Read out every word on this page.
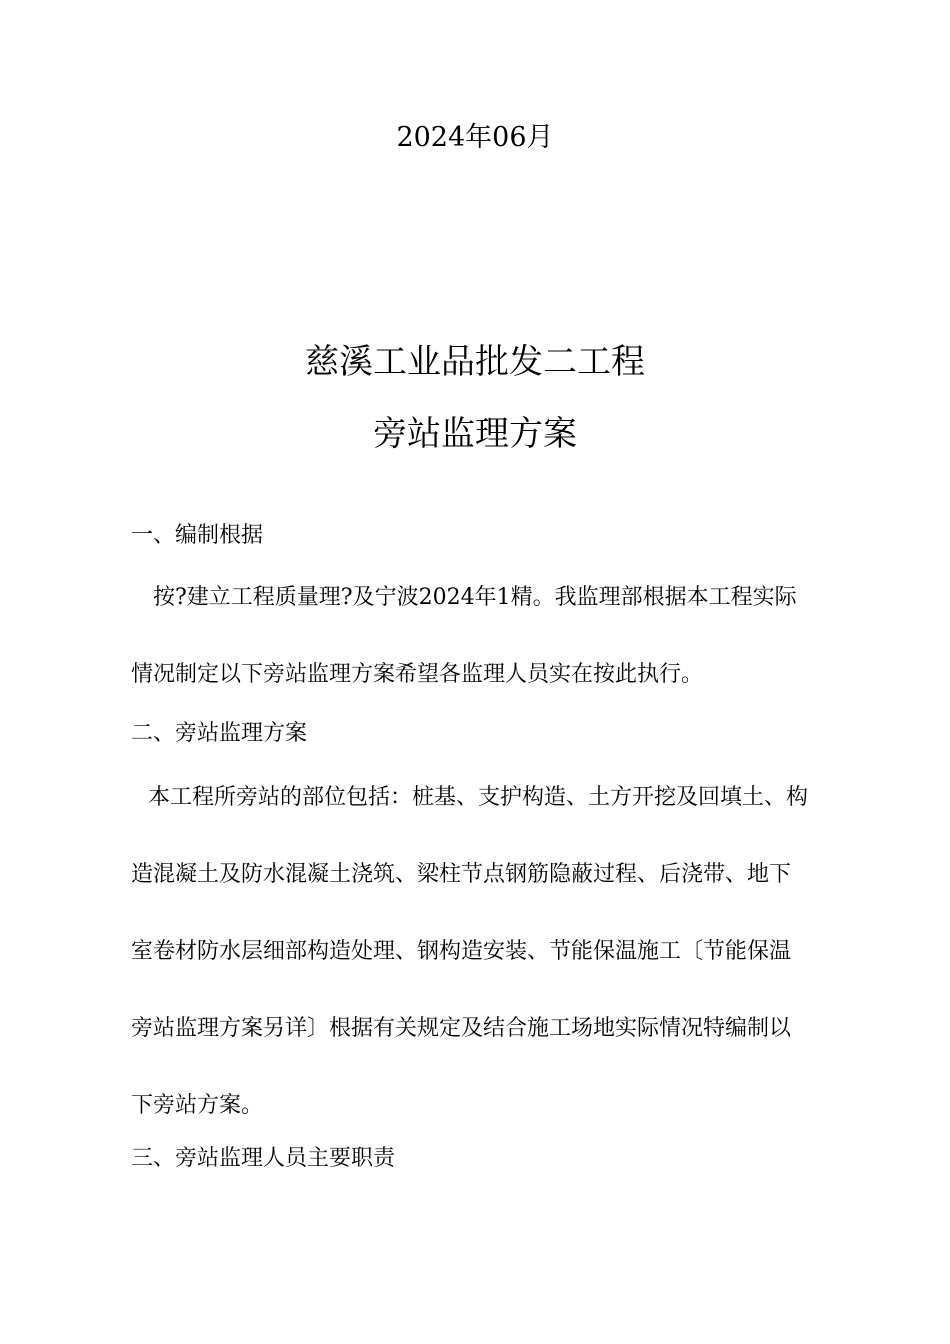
2024年06月
慈溪工业品批发二工程
旁站监理方案
一、编制根据
按?建立工程质量理?及宁波2024年1精。我监理部根据本工程实际
情况制定以下旁站监理方案希望各监理人员实在按此执行。
二、旁站监理方案
本工程所旁站的部位包括：桩基、支护构造、土方开挖及回填土、构
造混凝土及防水混凝土浇筑、梁柱节点钢筋隐蔽过程、后浇带、地下
室卷材防水层细部构造处理、钢构造安装、节能保温施工〔节能保温
旁站监理方案另详〕根据有关规定及结合施工场地实际情况特编制以
下旁站方案。
三、旁站监理人员主要职责
